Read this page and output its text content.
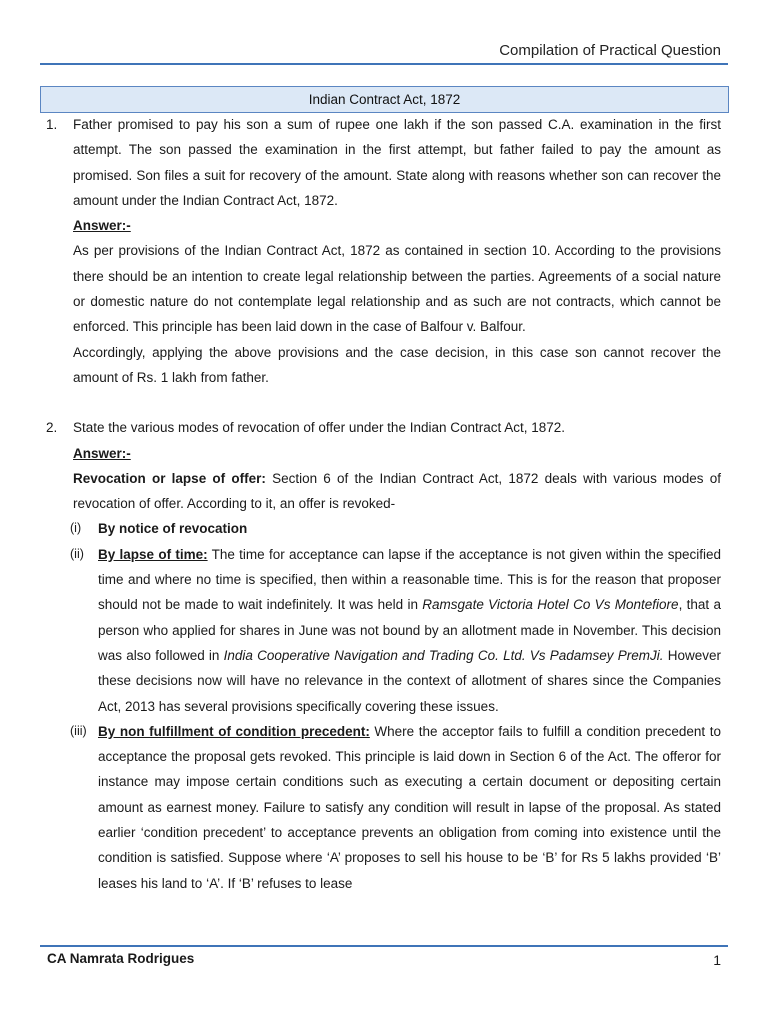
Compilation of Practical Question
Indian Contract Act, 1872
1. Father promised to pay his son a sum of rupee one lakh if the son passed C.A. examination in the first attempt. The son passed the examination in the first attempt, but father failed to pay the amount as promised. Son files a suit for recovery of the amount. State along with reasons whether son can recover the amount under the Indian Contract Act, 1872.
Answer:-
As per provisions of the Indian Contract Act, 1872 as contained in section 10. According to the provisions there should be an intention to create legal relationship between the parties. Agreements of a social nature or domestic nature do not contemplate legal relationship and as such are not contracts, which cannot be enforced. This principle has been laid down in the case of Balfour v. Balfour.
Accordingly, applying the above provisions and the case decision, in this case son cannot recover the amount of Rs. 1 lakh from father.
2. State the various modes of revocation of offer under the Indian Contract Act, 1872.
Answer:-
Revocation or lapse of offer: Section 6 of the Indian Contract Act, 1872 deals with various modes of revocation of offer. According to it, an offer is revoked-
(i) By notice of revocation
(ii) By lapse of time: The time for acceptance can lapse if the acceptance is not given within the specified time and where no time is specified, then within a reasonable time. This is for the reason that proposer should not be made to wait indefinitely. It was held in Ramsgate Victoria Hotel Co Vs Montefiore, that a person who applied for shares in June was not bound by an allotment made in November. This decision was also followed in India Cooperative Navigation and Trading Co. Ltd. Vs Padamsey PremJi. However these decisions now will have no relevance in the context of allotment of shares since the Companies Act, 2013 has several provisions specifically covering these issues.
(iii) By non fulfillment of condition precedent: Where the acceptor fails to fulfill a condition precedent to acceptance the proposal gets revoked. This principle is laid down in Section 6 of the Act. The offeror for instance may impose certain conditions such as executing a certain document or depositing certain amount as earnest money. Failure to satisfy any condition will result in lapse of the proposal. As stated earlier ‘condition precedent’ to acceptance prevents an obligation from coming into existence until the condition is satisfied. Suppose where ‘A’ proposes to sell his house to be ‘B’ for Rs 5 lakhs provided ‘B’ leases his land to ‘A’. If ‘B’ refuses to lease
CA Namrata Rodrigues	1
